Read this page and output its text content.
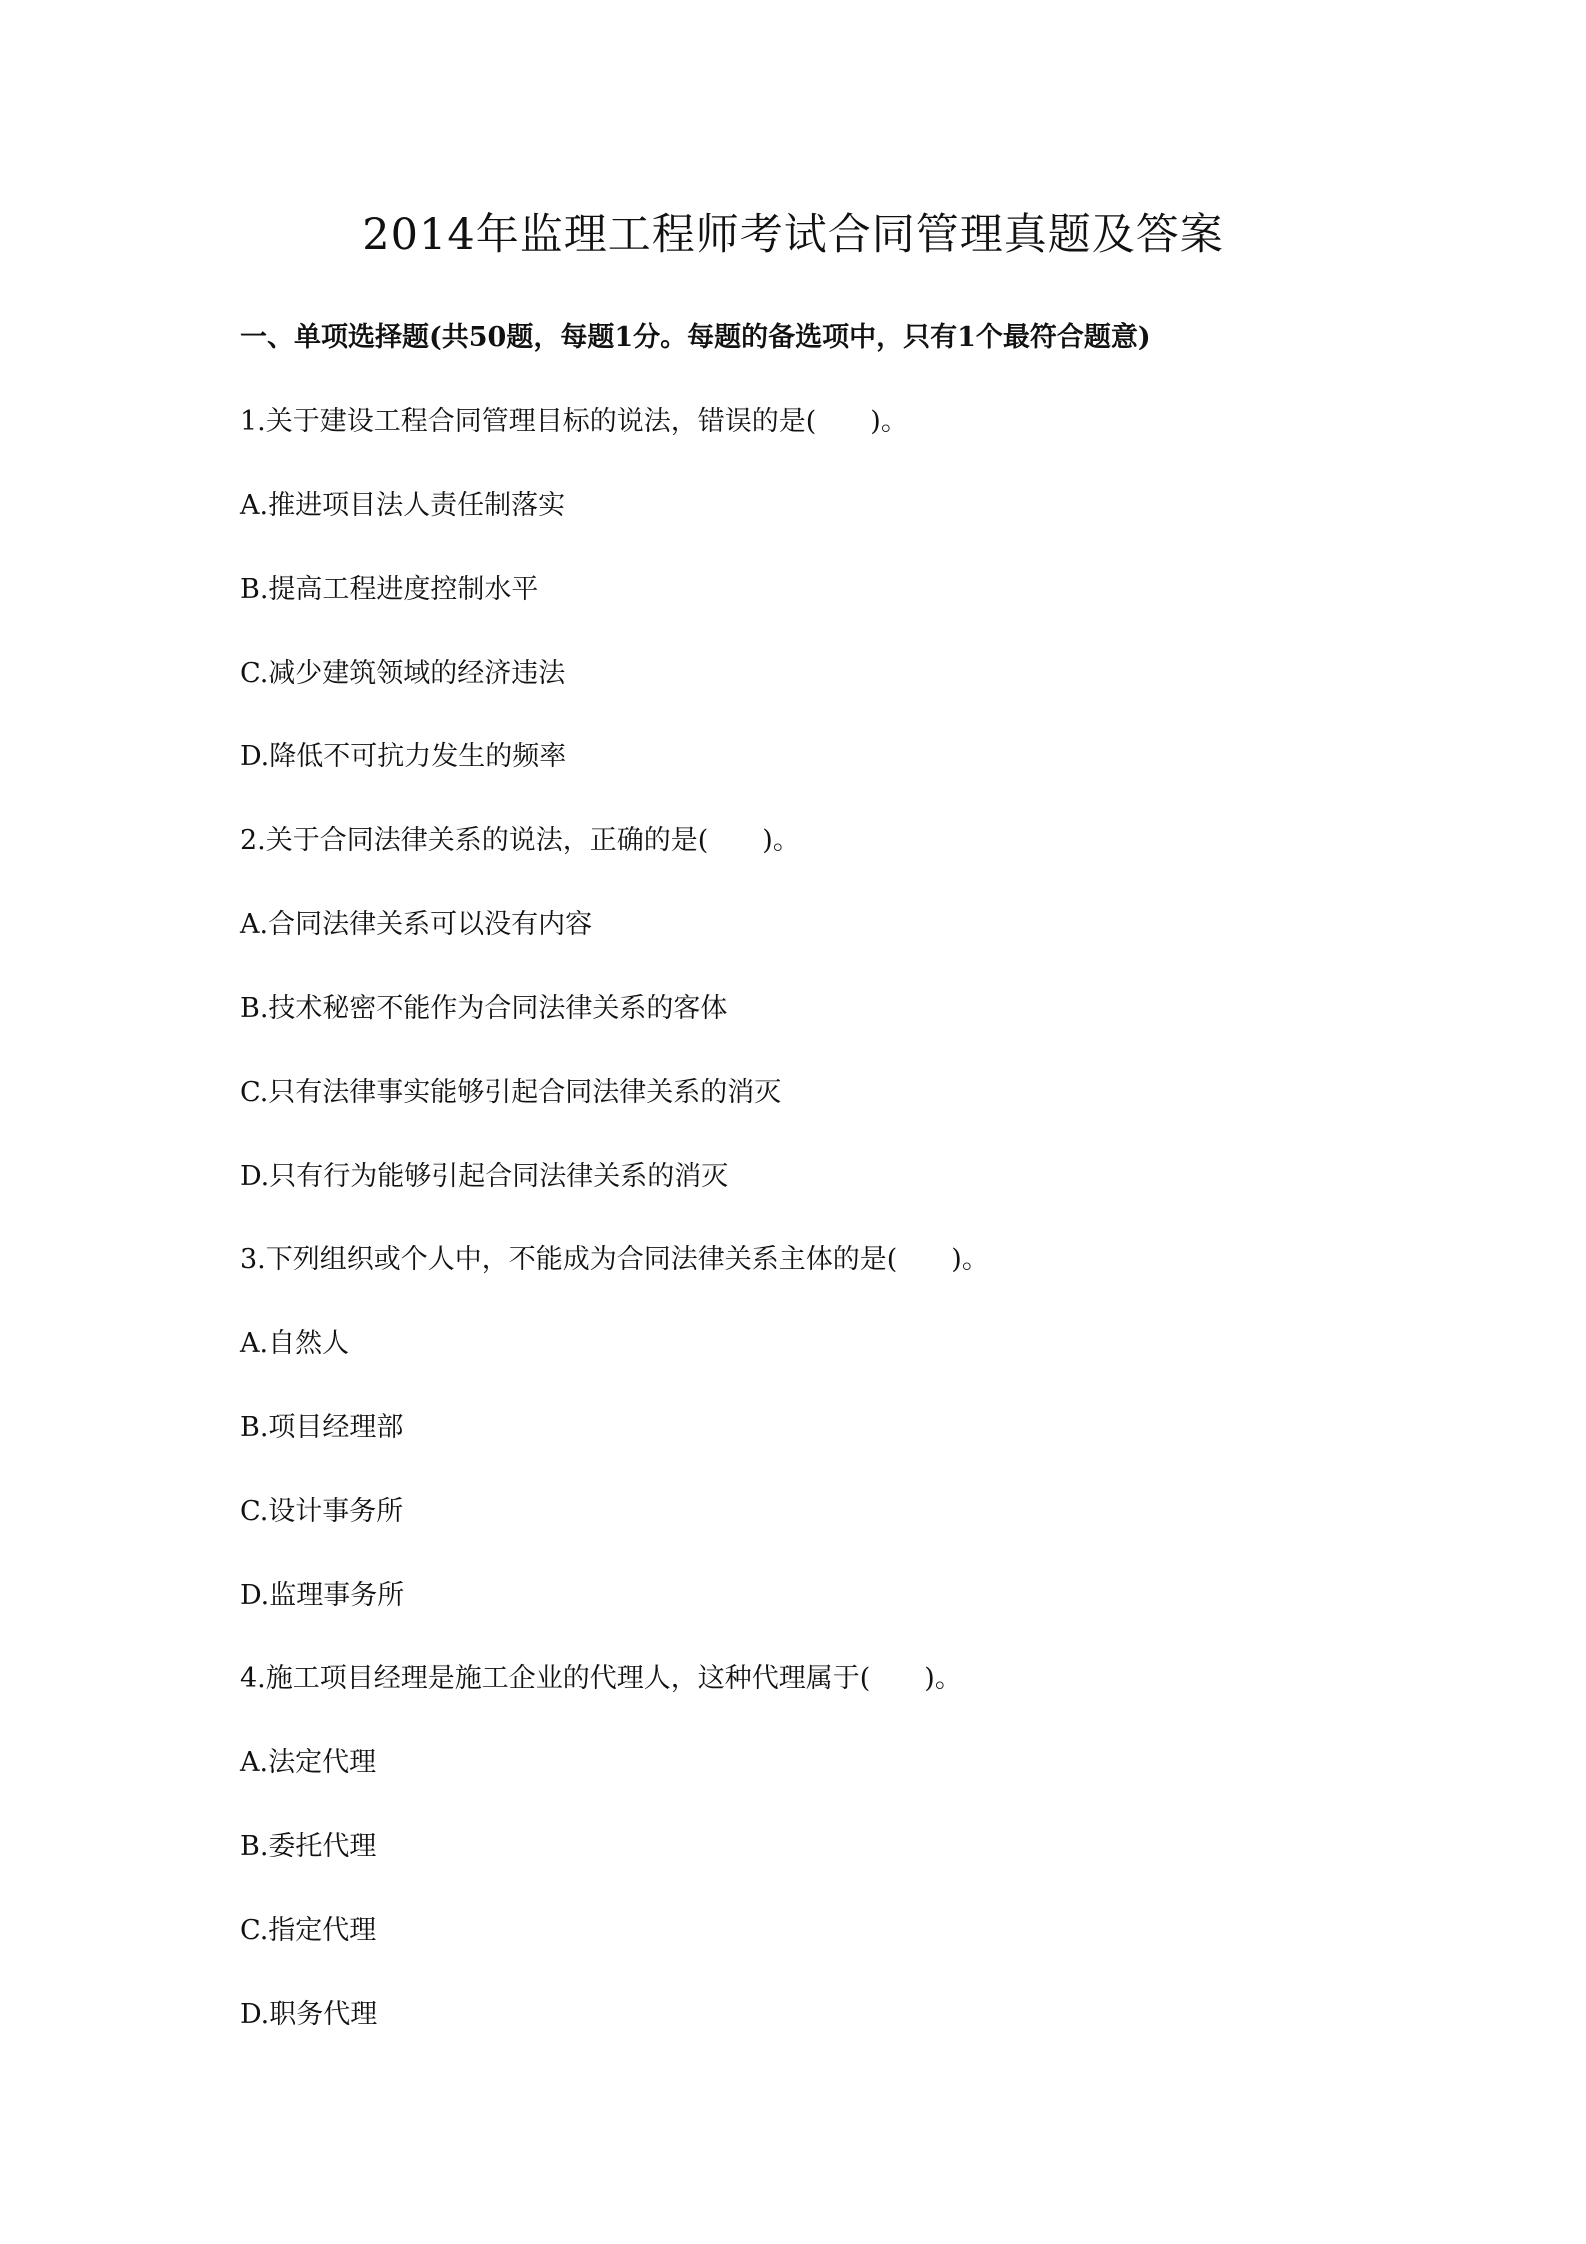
2014年监理工程师考试合同管理真题及答案
一、单项选择题(共50题，每题1分。每题的备选项中，只有1个最符合题意)
1.关于建设工程合同管理目标的说法，错误的是(　　)。
A.推进项目法人责任制落实
B.提高工程进度控制水平
C.减少建筑领域的经济违法
D.降低不可抗力发生的频率
2.关于合同法律关系的说法，正确的是(　　)。
A.合同法律关系可以没有内容
B.技术秘密不能作为合同法律关系的客体
C.只有法律事实能够引起合同法律关系的消灭
D.只有行为能够引起合同法律关系的消灭
3.下列组织或个人中，不能成为合同法律关系主体的是(　　)。
A.自然人
B.项目经理部
C.设计事务所
D.监理事务所
4.施工项目经理是施工企业的代理人，这种代理属于(　　)。
A.法定代理
B.委托代理
C.指定代理
D.职务代理
